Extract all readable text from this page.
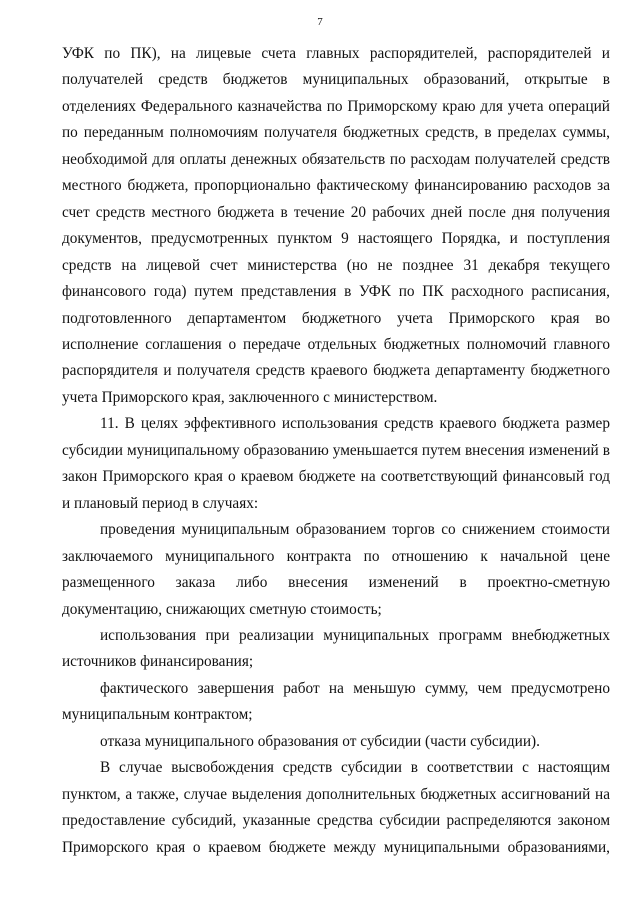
7

УФК по ПК), на лицевые счета главных распорядителей, распорядителей и получателей средств бюджетов муниципальных образований, открытые в отделениях Федерального казначейства по Приморскому краю для учета операций по переданным полномочиям получателя бюджетных средств, в пределах суммы, необходимой для оплаты денежных обязательств по расходам получателей средств местного бюджета, пропорционально фактическому финансированию расходов за счет средств местного бюджета в течение 20 рабочих дней после дня получения документов, предусмотренных пунктом 9 настоящего Порядка, и поступления средств на лицевой счет министерства (но не позднее 31 декабря текущего финансового года) путем представления в УФК по ПК расходного расписания, подготовленного департаментом бюджетного учета Приморского края во исполнение соглашения о передаче отдельных бюджетных полномочий главного распорядителя и получателя средств краевого бюджета департаменту бюджетного учета Приморского края, заключенного с министерством.

11. В целях эффективного использования средств краевого бюджета размер субсидии муниципальному образованию уменьшается путем внесения изменений в закон Приморского края о краевом бюджете на соответствующий финансовый год и плановый период в случаях:

проведения муниципальным образованием торгов со снижением стоимости заключаемого муниципального контракта по отношению к начальной цене размещенного заказа либо внесения изменений в проектно-сметную документацию, снижающих сметную стоимость;

использования при реализации муниципальных программ внебюджетных источников финансирования;

фактического завершения работ на меньшую сумму, чем предусмотрено муниципальным контрактом;

отказа муниципального образования от субсидии (части субсидии).

В случае высвобождения средств субсидии в соответствии с настоящим пунктом, а также, случае выделения дополнительных бюджетных ассигнований на предоставление субсидий, указанные средства субсидии распределяются законом Приморского края о краевом бюджете между муниципальными образованиями,
